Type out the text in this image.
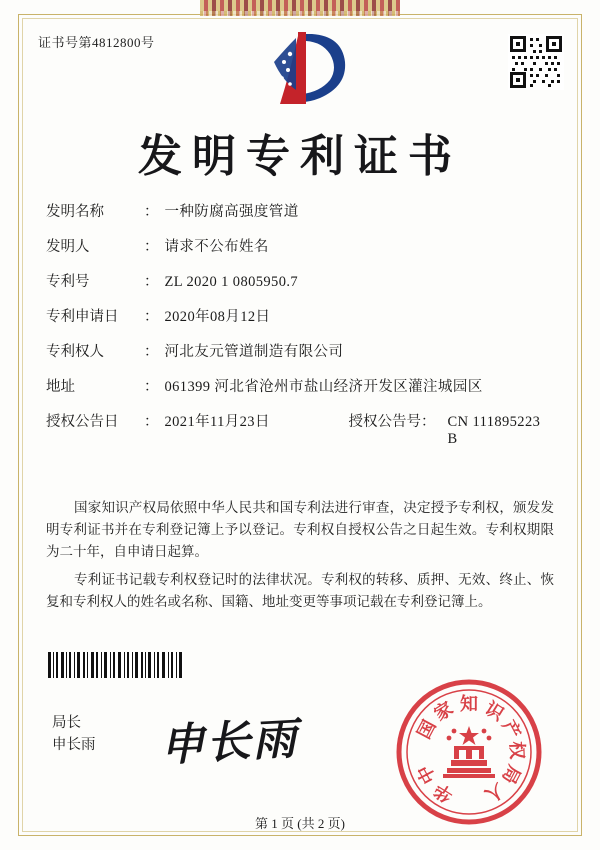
证书号第4812800号
发明专利证书
发明名称	： 一种防腐高强度管道
发明人	： 请求不公布姓名
专利号	： ZL 2020 1 0805950.7
专利申请日	： 2020年08月12日
专利权人	： 河北友元管道制造有限公司
地址	： 061399 河北省沧州市盐山经济开发区灌注城园区
授权公告日	： 2021年11月23日	授权公告号 ： CN 111895223 B

国家知识产权局依照中华人民共和国专利法进行审查，决定授予专利权，颁发发明专利证书并在专利登记簿上予以登记。专利权自授权公告之日起生效。专利权期限为二十年，自申请日起算。

专利证书记载专利权登记时的法律状况。专利权的转移、质押、无效、终止、恢复和专利权人的姓名或名称、国籍、地址变更等事项记载在专利登记簿上。

局长
申长雨 申长雨
知
家
国
识
产
权
局
中
华 人
第 1 页 (共 2 页)
